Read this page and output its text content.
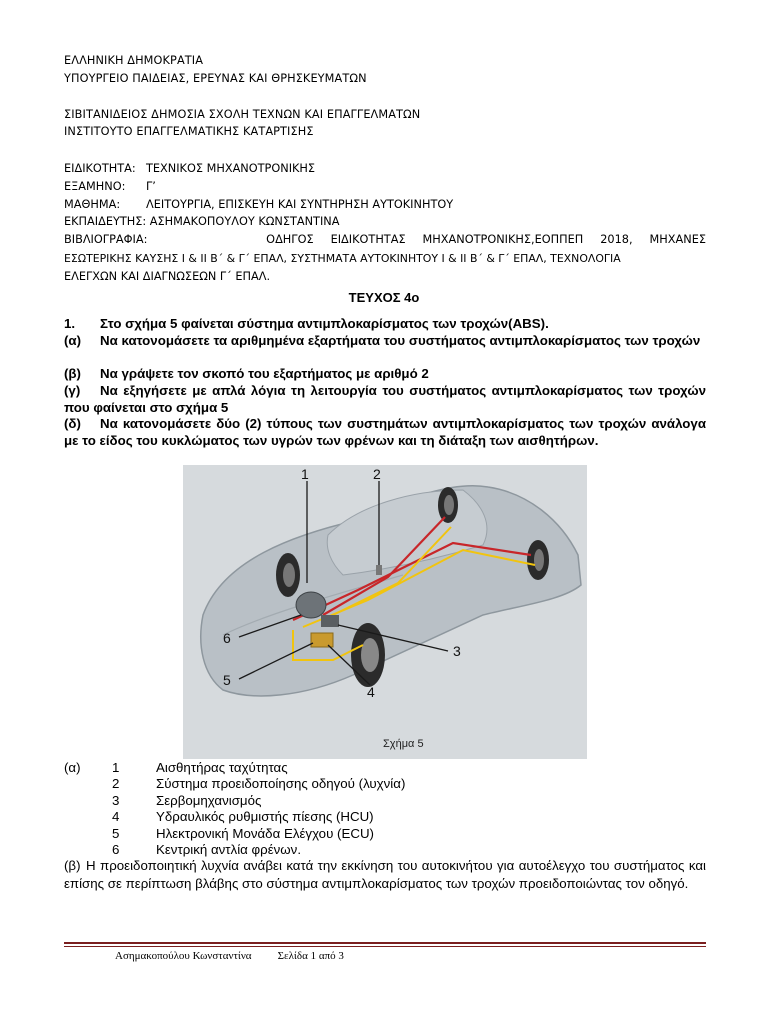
ΕΛΛΗΝΙΚΗ ΔΗΜΟΚΡΑΤΙΑ
ΥΠΟΥΡΓΕΙΟ ΠΑΙΔΕΙΑΣ, ΕΡΕΥΝΑΣ ΚΑΙ ΘΡΗΣΚΕΥΜΑΤΩΝ
ΣΙΒΙΤΑΝΙΔΕΙΟΣ ΔΗΜΟΣΙΑ ΣΧΟΛΗ ΤΕΧΝΩΝ ΚΑΙ ΕΠΑΓΓΕΛΜΑΤΩΝ
ΙΝΣΤΙΤΟΥΤΟ ΕΠΑΓΓΕΛΜΑΤΙΚΗΣ ΚΑΤΑΡΤΙΣΗΣ
ΕΙΔΙΚΟΤΗΤΑ: ΤΕΧΝΙΚΟΣ ΜΗΧΑΝΟΤΡΟΝΙΚΗΣ
ΕΞΑΜΗΝΟ: Γ’
ΜΑΘΗΜΑ: ΛΕΙΤΟΥΡΓΙΑ, ΕΠΙΣΚΕΥΗ ΚΑΙ ΣΥΝΤΗΡΗΣΗ ΑΥΤΟΚΙΝΗΤΟΥ
ΕΚΠΑΙΔΕΥΤΗΣ: ΑΣΗΜΑΚΟΠΟΥΛΟΥ ΚΩΝΣΤΑΝΤΙΝΑ
ΒΙΒΛΙΟΓΡΑΦΙΑ:       ΟΔΗΓΟΣ ΕΙΔΙΚΟΤΗΤΑΣ ΜΗΧΑΝΟΤΡΟΝΙΚΗΣ,ΕΟΠΠΕΠ 2018, ΜΗΧΑΝΕΣ
ΕΣΩΤΕΡΙΚΗΣ ΚΑΥΣΗΣ Ι & ΙΙ Β΄ & Γ΄ ΕΠΑΛ, ΣΥΣΤΗΜΑΤΑ ΑΥΤΟΚΙΝΗΤΟΥ Ι & ΙΙ Β΄ & Γ΄ ΕΠΑΛ, ΤΕΧΝΟΛΟΓΙΑ
ΕΛΕΓΧΩΝ ΚΑΙ ΔΙΑΓΝΩΣΕΩΝ Γ΄ ΕΠΑΛ.
ΤΕΥΧΟΣ 4ο
1. Στο σχήμα 5 φαίνεται σύστημα αντιμπλοκαρίσματος των τροχών(ABS).
(α) Να κατονομάσετε τα αριθμημένα εξαρτήματα του συστήματος αντιμπλοκαρίσματος των τροχών
(β) Να γράψετε τον σκοπό του εξαρτήματος με αριθμό 2
(γ) Να εξηγήσετε με απλά λόγια τη λειτουργία του συστήματος αντιμπλοκαρίσματος των τροχών που φαίνεται στο σχήμα 5
(δ) Να κατονομάσετε δύο (2) τύπους των συστημάτων αντιμπλοκαρίσματος των τροχών ανάλογα με το είδος του κυκλώματος των υγρών των φρένων και τη διάταξη των αισθητήρων.
1	2
3
4
5
6
Σχήμα 5
(α) 1	Αισθητήρας ταχύτητας
2	Σύστημα προειδοποίησης οδηγού (λυχνία)
3	Σερβομηχανισμός
4	Υδραυλικός ρυθμιστής πίεσης (HCU)
5	Ηλεκτρονική Μονάδα Ελέγχου (ECU)
6	Κεντρική αντλία φρένων.
(β) Η προειδοποιητική λυχνία ανάβει κατά την εκκίνηση του αυτοκινήτου για αυτοέλεγχο του συστήματος και επίσης σε περίπτωση βλάβης στο σύστημα αντιμπλοκαρίσματος των τροχών προειδοποιώντας τον οδηγό.
Ασημακοπούλου Κωνσταντίνα Σελίδα 1 από 3
